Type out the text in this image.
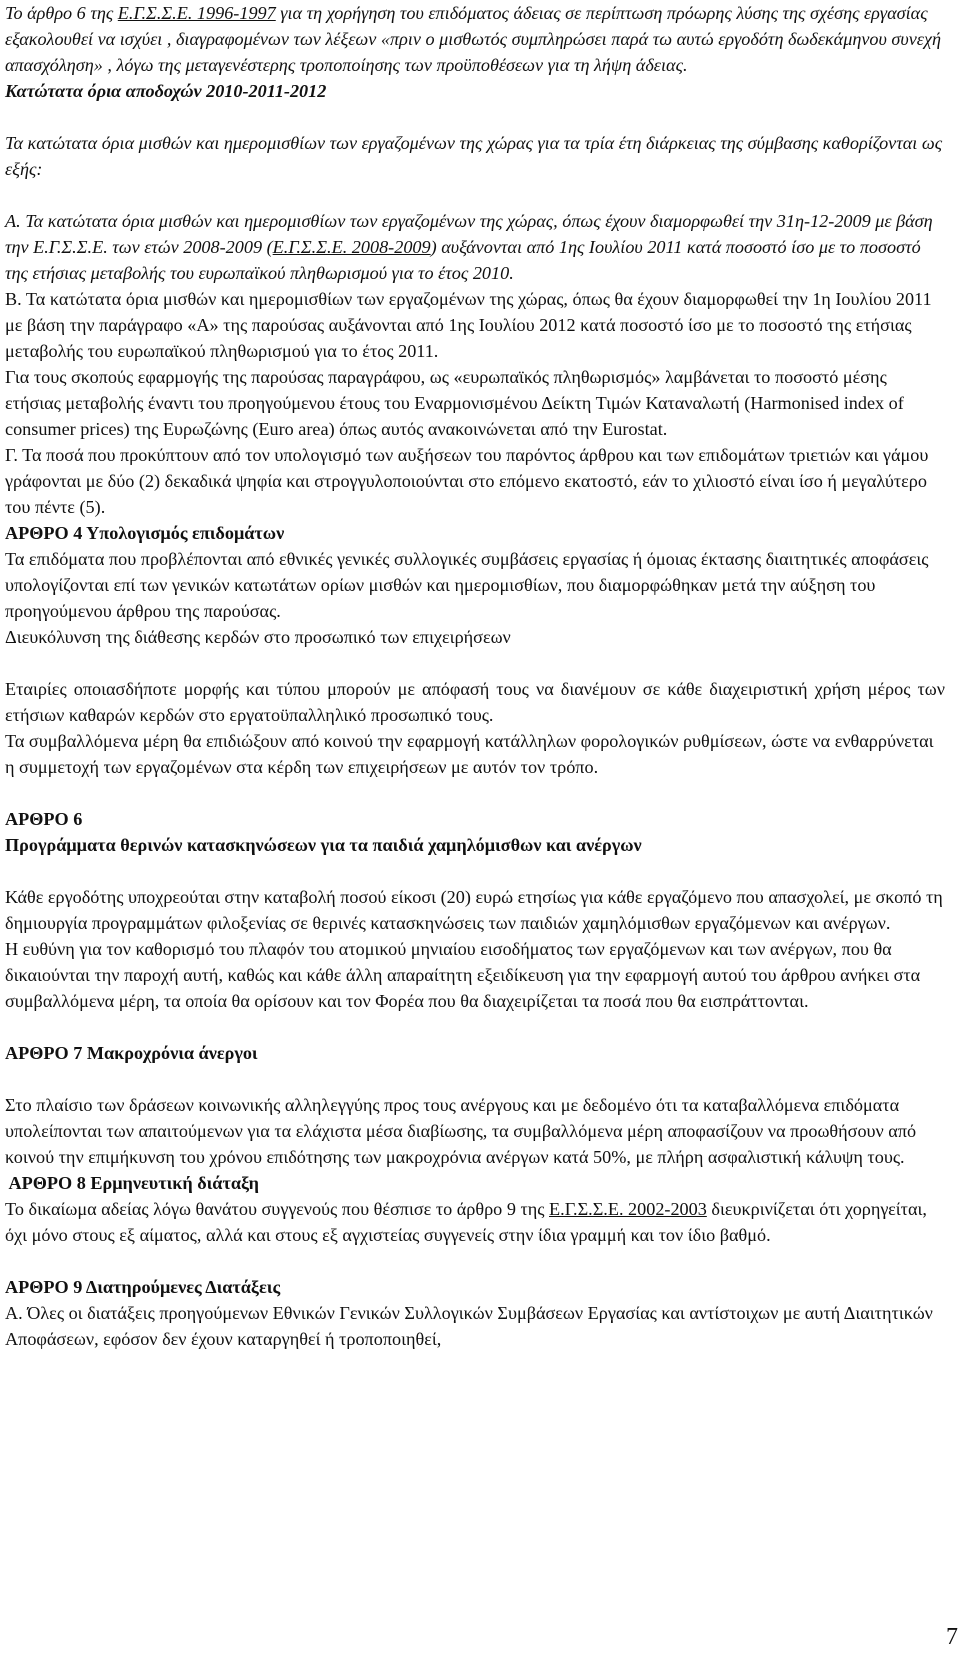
Το άρθρο 6 της Ε.Γ.Σ.Σ.Ε. 1996-1997 για τη χορήγηση του επιδόματος άδειας σε περίπτωση πρόωρης λύσης της σχέσης εργασίας εξακολουθεί να ισχύει , διαγραφομένων των λέξεων «πριν ο μισθωτός συμπληρώσει παρά τω αυτώ εργοδότη δωδεκάμηνου συνεχή απασχόληση» , λόγω της μεταγενέστερης τροποποίησης των προϋποθέσεων για τη λήψη άδειας.

Κατώτατα όρια αποδοχών 2010-2011-2012

Τα κατώτατα όρια μισθών και ημερομισθίων των εργαζομένων της χώρας για τα τρία έτη διάρκειας της σύμβασης καθορίζονται ως εξής:

Α. Τα κατώτατα όρια μισθών και ημερομισθίων των εργαζομένων της χώρας, όπως έχουν διαμορφωθεί την 31η-12-2009 με βάση την Ε.Γ.Σ.Σ.Ε. των ετών 2008-2009 (Ε.Γ.Σ.Σ.Ε. 2008-2009) αυξάνονται από 1ης Ιουλίου 2011 κατά ποσοστό ίσο με το ποσοστό της ετήσιας μεταβολής του ευρωπαϊκού πληθωρισμού για το έτος 2010.

Β. Τα κατώτατα όρια μισθών και ημερομισθίων των εργαζομένων της χώρας, όπως θα έχουν διαμορφωθεί την 1η Ιουλίου 2011 με βάση την παράγραφο «Α» της παρούσας αυξάνονται από 1ης Ιουλίου 2012 κατά ποσοστό ίσο με το ποσοστό της ετήσιας μεταβολής του ευρωπαϊκού πληθωρισμού για το έτος 2011.

Για τους σκοπούς εφαρμογής της παρούσας παραγράφου, ως «ευρωπαϊκός πληθωρισμός» λαμβάνεται το ποσοστό μέσης ετήσιας μεταβολής έναντι του προηγούμενου έτους του Εναρμονισμένου Δείκτη Τιμών Καταναλωτή (Harmonised index of consumer prices) της Ευρωζώνης (Euro area) όπως αυτός ανακοινώνεται από την Eurostat.

Γ. Τα ποσά που προκύπτουν από τον υπολογισμό των αυξήσεων του παρόντος άρθρου και των επιδομάτων τριετιών και γάμου γράφονται με δύο (2) δεκαδικά ψηφία και στρογγυλοποιούνται στο επόμενο εκατοστό, εάν το χιλιοστό είναι ίσο ή μεγαλύτερο του πέντε (5).

ΑΡΘΡΟ 4 Υπολογισμός επιδομάτων

Τα επιδόματα που προβλέπονται από εθνικές γενικές συλλογικές συμβάσεις εργασίας ή όμοιας έκτασης διαιτητικές αποφάσεις υπολογίζονται επί των γενικών κατωτάτων ορίων μισθών και ημερομισθίων, που διαμορφώθηκαν μετά την αύξηση του προηγούμενου άρθρου της παρούσας.

Διευκόλυνση της διάθεσης κερδών στο προσωπικό των επιχειρήσεων

Εταιρίες οποιασδήποτε μορφής και τύπου μπορούν με απόφασή τους να διανέμουν σε κάθε διαχειριστική χρήση μέρος των ετήσιων καθαρών κερδών στο εργατοϋπαλληλικό προσωπικό τους.

Τα συμβαλλόμενα μέρη θα επιδιώξουν από κοινού την εφαρμογή κατάλληλων φορολογικών ρυθμίσεων, ώστε να ενθαρρύνεται η συμμετοχή των εργαζομένων στα κέρδη των επιχειρήσεων με αυτόν τον τρόπο.

ΑΡΘΡΟ 6

Προγράμματα θερινών κατασκηνώσεων για τα παιδιά χαμηλόμισθων και ανέργων

Κάθε εργοδότης υποχρεούται στην καταβολή ποσού είκοσι (20) ευρώ ετησίως για κάθε εργαζόμενο που απασχολεί, με σκοπό τη δημιουργία προγραμμάτων φιλοξενίας σε θερινές κατασκηνώσεις των παιδιών χαμηλόμισθων εργαζόμενων και ανέργων.

Η ευθύνη για τον καθορισμό του πλαφόν του ατομικού μηνιαίου εισοδήματος των εργαζόμενων και των ανέργων, που θα δικαιούνται την παροχή αυτή, καθώς και κάθε άλλη απαραίτητη εξειδίκευση για την εφαρμογή αυτού του άρθρου ανήκει στα συμβαλλόμενα μέρη, τα οποία θα ορίσουν και τον Φορέα που θα διαχειρίζεται τα ποσά που θα εισπράττονται.

ΑΡΘΡΟ 7 Μακροχρόνια άνεργοι

Στο πλαίσιο των δράσεων κοινωνικής αλληλεγγύης προς τους ανέργους και με δεδομένο ότι τα καταβαλλόμενα επιδόματα υπολείπονται των απαιτούμενων για τα ελάχιστα μέσα διαβίωσης, τα συμβαλλόμενα μέρη αποφασίζουν να προωθήσουν από κοινού την επιμήκυνση του χρόνου επιδότησης των μακροχρόνια ανέργων κατά 50%, με πλήρη ασφαλιστική κάλυψη τους.

ΑΡΘΡΟ 8 Ερμηνευτική διάταξη

Το δικαίωμα αδείας λόγω θανάτου συγγενούς που θέσπισε το άρθρο 9 της Ε.Γ.Σ.Σ.Ε. 2002-2003 διευκρινίζεται ότι χορηγείται, όχι μόνο στους εξ αίματος, αλλά και στους εξ αγχιστείας συγγενείς στην ίδια γραμμή και τον ίδιο βαθμό.

ΑΡΘΡΟ 9 Διατηρούμενες Διατάξεις

Α. Όλες οι διατάξεις προηγούμενων Εθνικών Γενικών Συλλογικών Συμβάσεων Εργασίας και αντίστοιχων με αυτή Διαιτητικών Αποφάσεων, εφόσον δεν έχουν καταργηθεί ή τροποποιηθεί,

7
